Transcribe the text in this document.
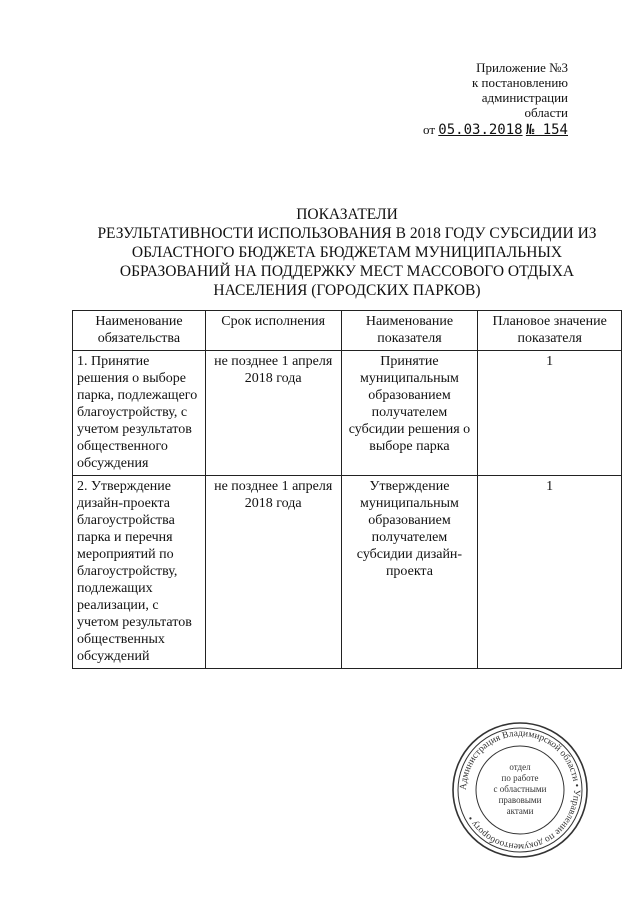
Приложение №3
к постановлению
администрации
области
от 05.03.2018 № 154
ПОКАЗАТЕЛИ
РЕЗУЛЬТАТИВНОСТИ ИСПОЛЬЗОВАНИЯ В 2018 ГОДУ СУБСИДИИ ИЗ
ОБЛАСТНОГО БЮДЖЕТА БЮДЖЕТАМ МУНИЦИПАЛЬНЫХ
ОБРАЗОВАНИЙ НА ПОДДЕРЖКУ МЕСТ МАССОВОГО ОТДЫХА
НАСЕЛЕНИЯ (ГОРОДСКИХ ПАРКОВ)
Наименование обязательства	Срок исполнения	Наименование показателя	Плановое значение показателя
1. Принятие решения о выборе парка, подлежащего благоустройству, с учетом результатов общественного обсуждения	не позднее 1 апреля 2018 года	Принятие муниципальным образованием получателем субсидии решения о выборе парка	1
2. Утверждение дизайн-проекта благоустройства парка и перечня мероприятий по благоустройству, подлежащих реализации, с учетом результатов общественных обсуждений	не позднее 1 апреля 2018 года	Утверждение муниципальным образованием получателем субсидии дизайн-проекта	1
Администрация Владимирской области • Управление по документообороту •
отдел
по работе
с областными
правовыми
актами
